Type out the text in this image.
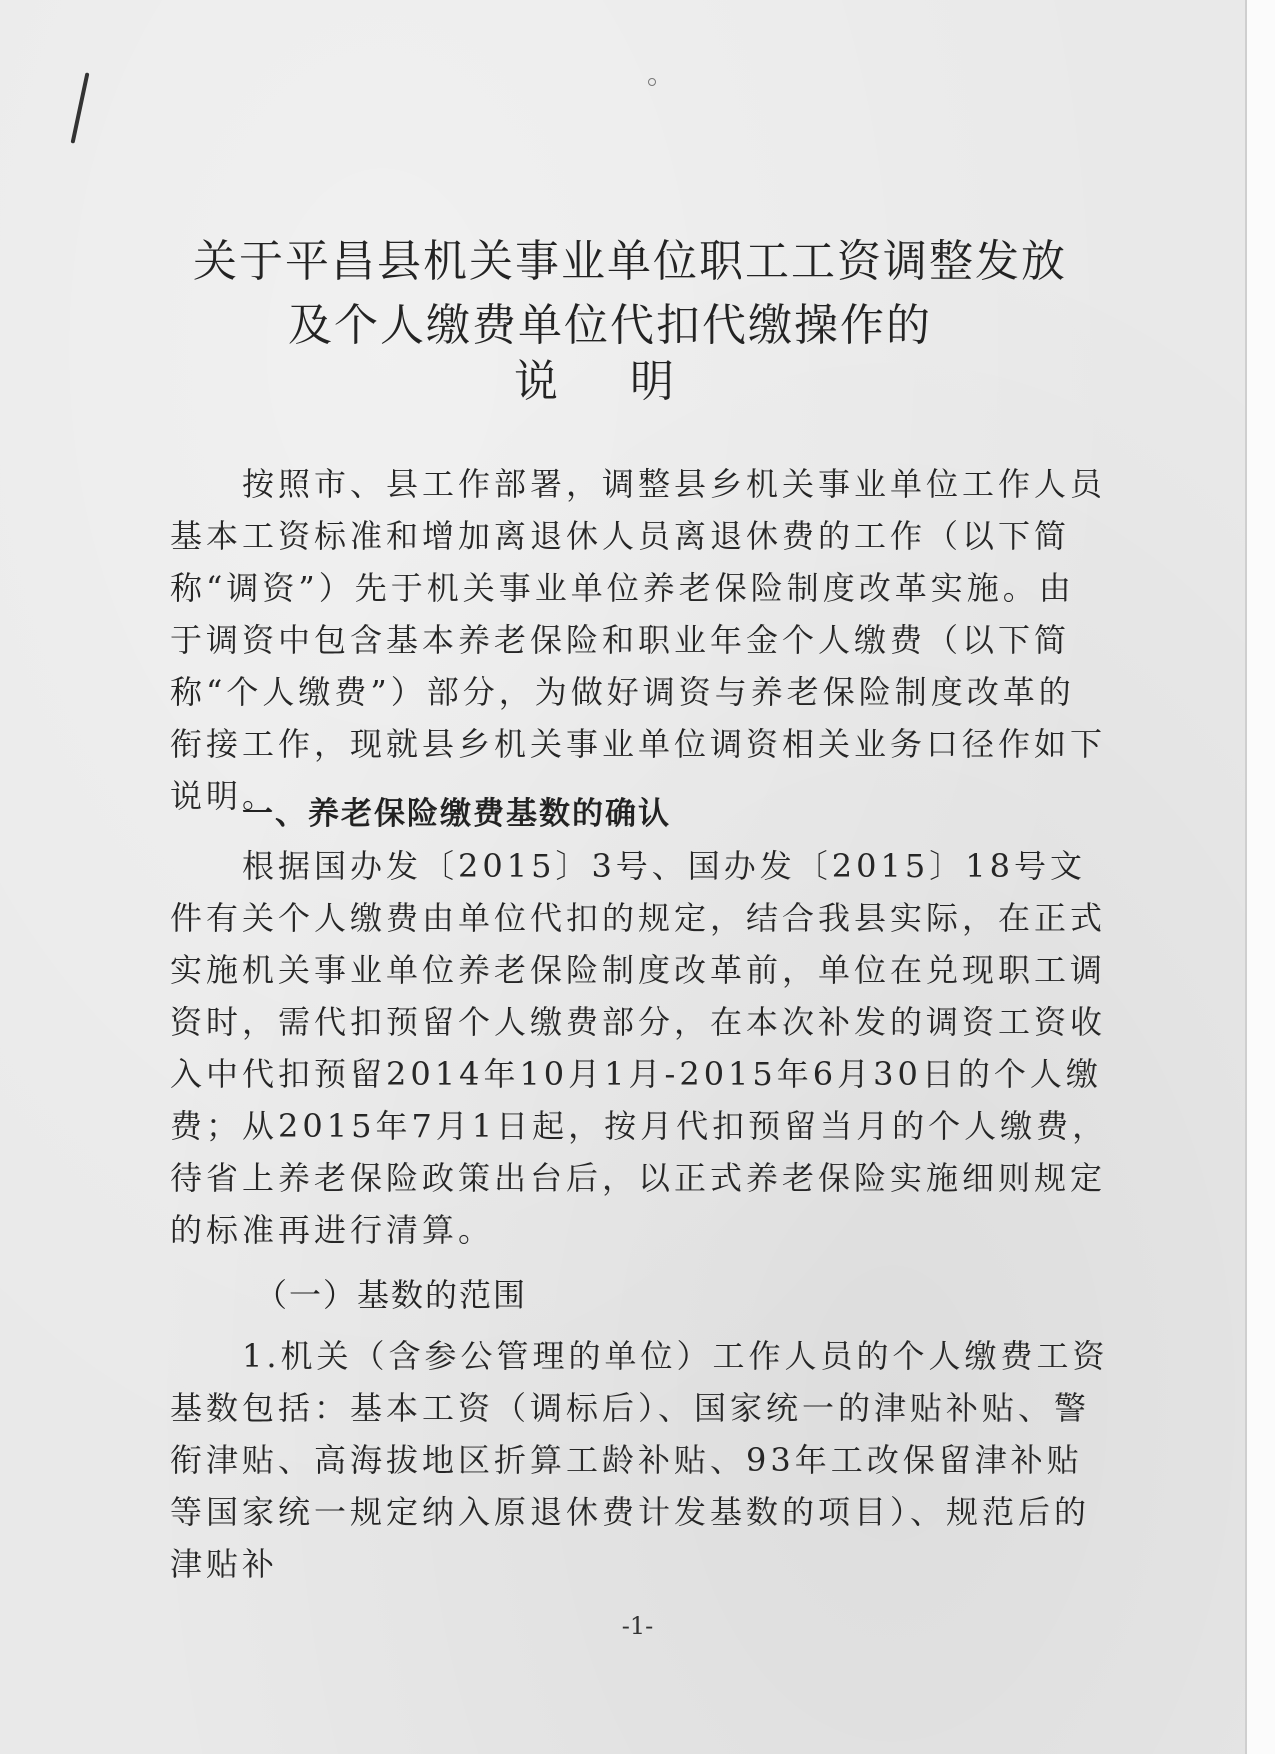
关于平昌县机关事业单位职工工资调整发放
及个人缴费单位代扣代缴操作的
说明

按照市、县工作部署，调整县乡机关事业单位工作人员基本工资标准和增加离退休人员离退休费的工作（以下简称“调资”）先于机关事业单位养老保险制度改革实施。由于调资中包含基本养老保险和职业年金个人缴费（以下简称“个人缴费”）部分，为做好调资与养老保险制度改革的衔接工作，现就县乡机关事业单位调资相关业务口径作如下说明。

一、养老保险缴费基数的确认

根据国办发〔2015〕3号、国办发〔2015〕18号文件有关个人缴费由单位代扣的规定，结合我县实际，在正式实施机关事业单位养老保险制度改革前，单位在兑现职工调资时，需代扣预留个人缴费部分，在本次补发的调资工资收入中代扣预留2014年10月1月-2015年6月30日的个人缴费；从2015年7月1日起，按月代扣预留当月的个人缴费，待省上养老保险政策出台后，以正式养老保险实施细则规定的标准再进行清算。

（一）基数的范围

1.机关（含参公管理的单位）工作人员的个人缴费工资基数包括：基本工资（调标后）、国家统一的津贴补贴、警衔津贴、高海拔地区折算工龄补贴、93年工改保留津补贴等国家统一规定纳入原退休费计发基数的项目）、规范后的津贴补

-1-
